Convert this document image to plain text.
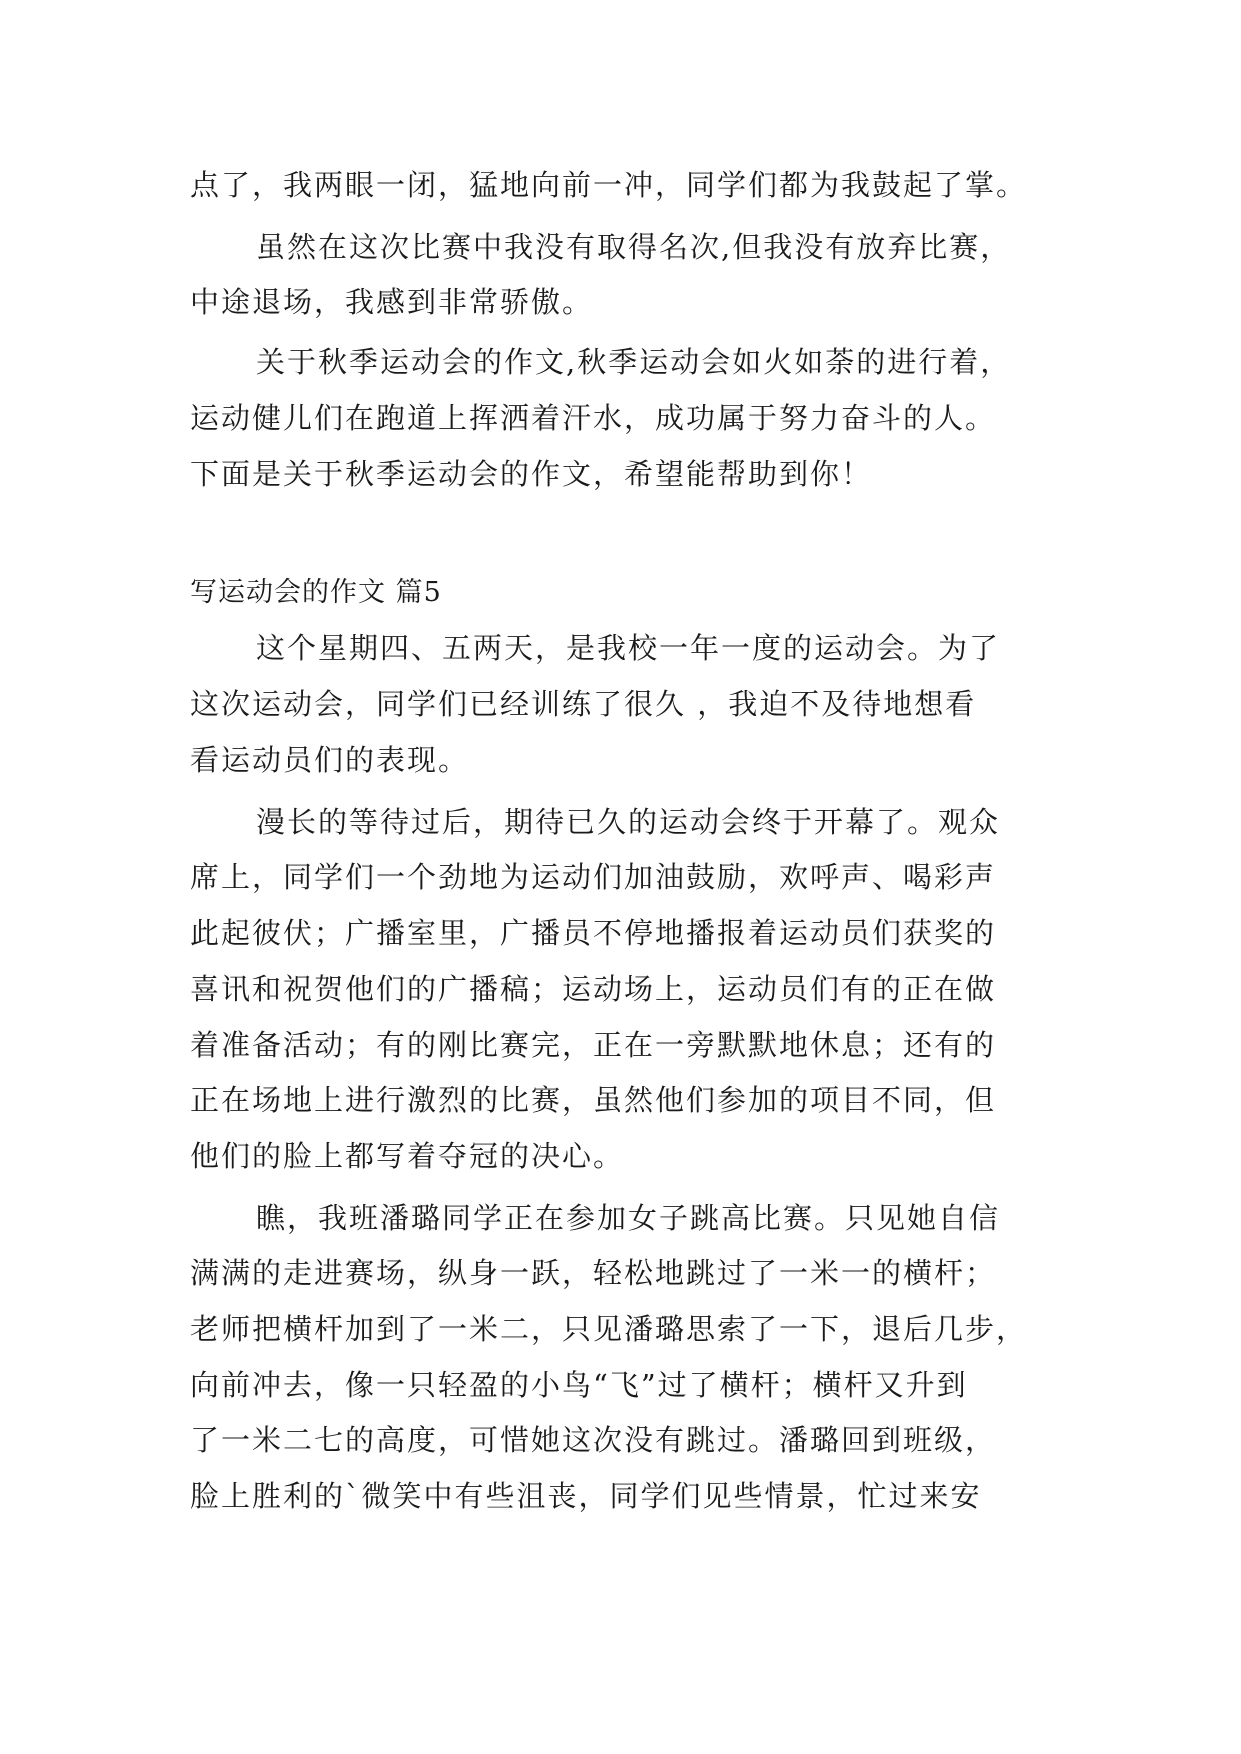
点了，我两眼一闭，猛地向前一冲，同学们都为我鼓起了掌。
虽然在这次比赛中我没有取得名次,但我没有放弃比赛，
中途退场，我感到非常骄傲。
关于秋季运动会的作文,秋季运动会如火如荼的进行着，
运动健儿们在跑道上挥洒着汗水，成功属于努力奋斗的人。
下面是关于秋季运动会的作文，希望能帮助到你！
写运动会的作文 篇5
这个星期四、五两天，是我校一年一度的运动会。为了
这次运动会，同学们已经训练了很久 ，我迫不及待地想看
看运动员们的表现。
漫长的等待过后，期待已久的运动会终于开幕了。观众
席上，同学们一个劲地为运动们加油鼓励，欢呼声、喝彩声
此起彼伏；广播室里，广播员不停地播报着运动员们获奖的
喜讯和祝贺他们的广播稿；运动场上，运动员们有的正在做
着准备活动；有的刚比赛完，正在一旁默默地休息；还有的
正在场地上进行激烈的比赛，虽然他们参加的项目不同，但
他们的脸上都写着夺冠的决心。
瞧，我班潘璐同学正在参加女子跳高比赛。只见她自信
满满的走进赛场，纵身一跃，轻松地跳过了一米一的横杆；
老师把横杆加到了一米二，只见潘璐思索了一下，退后几步，
向前冲去，像一只轻盈的小鸟“飞”过了横杆；横杆又升到
了一米二七的高度，可惜她这次没有跳过。潘璐回到班级，
脸上胜利的`微笑中有些沮丧，同学们见些情景，忙过来安
